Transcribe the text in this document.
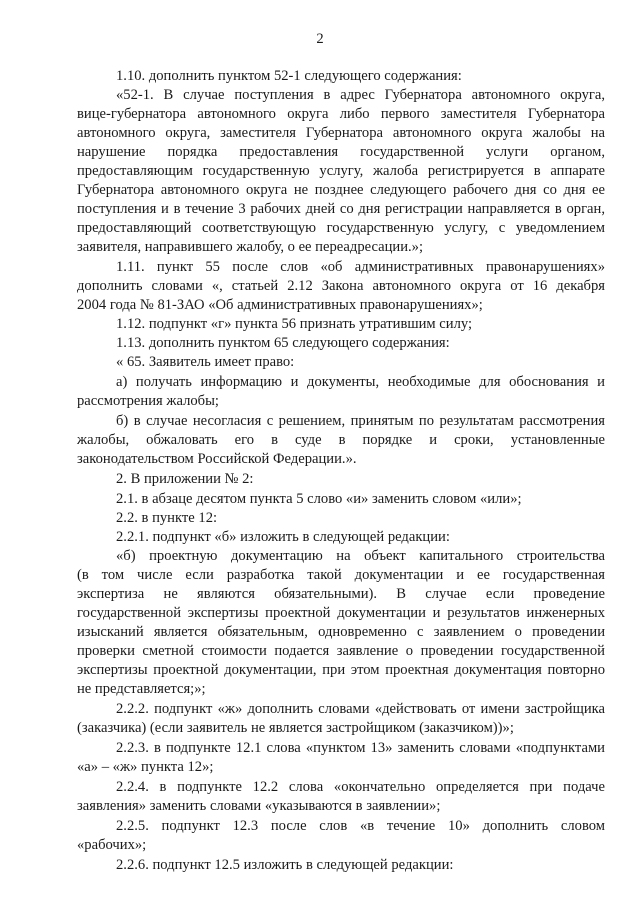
2
1.10. дополнить пунктом 52-1 следующего содержания:
«52-1. В случае поступления в адрес Губернатора автономного округа,
вице-губернатора автономного округа либо первого заместителя Губернатора
автономного округа, заместителя Губернатора автономного округа жалобы на
нарушение порядка предоставления государственной услуги органом,
предоставляющим государственную услугу, жалоба регистрируется в аппарате
Губернатора автономного округа не позднее следующего рабочего дня со дня ее
поступления и в течение 3 рабочих дней со дня регистрации направляется в орган,
предоставляющий соответствующую государственную услугу, с уведомлением
заявителя, направившего жалобу, о ее переадресации.»;
1.11. пункт 55 после слов «об административных правонарушениях»
дополнить словами «, статьей 2.12 Закона автономного округа от 16 декабря
2004 года № 81-ЗАО «Об административных правонарушениях»;
1.12. подпункт «г» пункта 56 признать утратившим силу;
1.13. дополнить пунктом 65 следующего содержания:
« 65. Заявитель имеет право:
а) получать информацию и документы, необходимые для обоснования и
рассмотрения жалобы;
б) в случае несогласия с решением, принятым по результатам рассмотрения
жалобы, обжаловать его в суде в порядке и сроки, установленные
законодательством Российской Федерации.».
2. В приложении № 2:
2.1. в абзаце десятом пункта 5 слово «и» заменить словом «или»;
2.2. в пункте 12:
2.2.1. подпункт «б» изложить в следующей редакции:
«б) проектную документацию на объект капитального строительства
(в том числе если разработка такой документации и ее государственная
экспертиза не являются обязательными). В случае если проведение
государственной экспертизы проектной документации и результатов инженерных
изысканий является обязательным, одновременно с заявлением о проведении
проверки сметной стоимости подается заявление о проведении государственной
экспертизы проектной документации, при этом проектная документация повторно
не представляется;»;
2.2.2. подпункт «ж» дополнить словами «действовать от имени застройщика
(заказчика) (если заявитель не является застройщиком (заказчиком))»;
2.2.3. в подпункте 12.1 слова «пунктом 13» заменить словами «подпунктами
«а» – «ж» пункта 12»;
2.2.4. в подпункте 12.2 слова «окончательно определяется при подаче
заявления» заменить словами «указываются в заявлении»;
2.2.5. подпункт 12.3 после слов «в течение 10» дополнить словом
«рабочих»;
2.2.6. подпункт 12.5 изложить в следующей редакции:
